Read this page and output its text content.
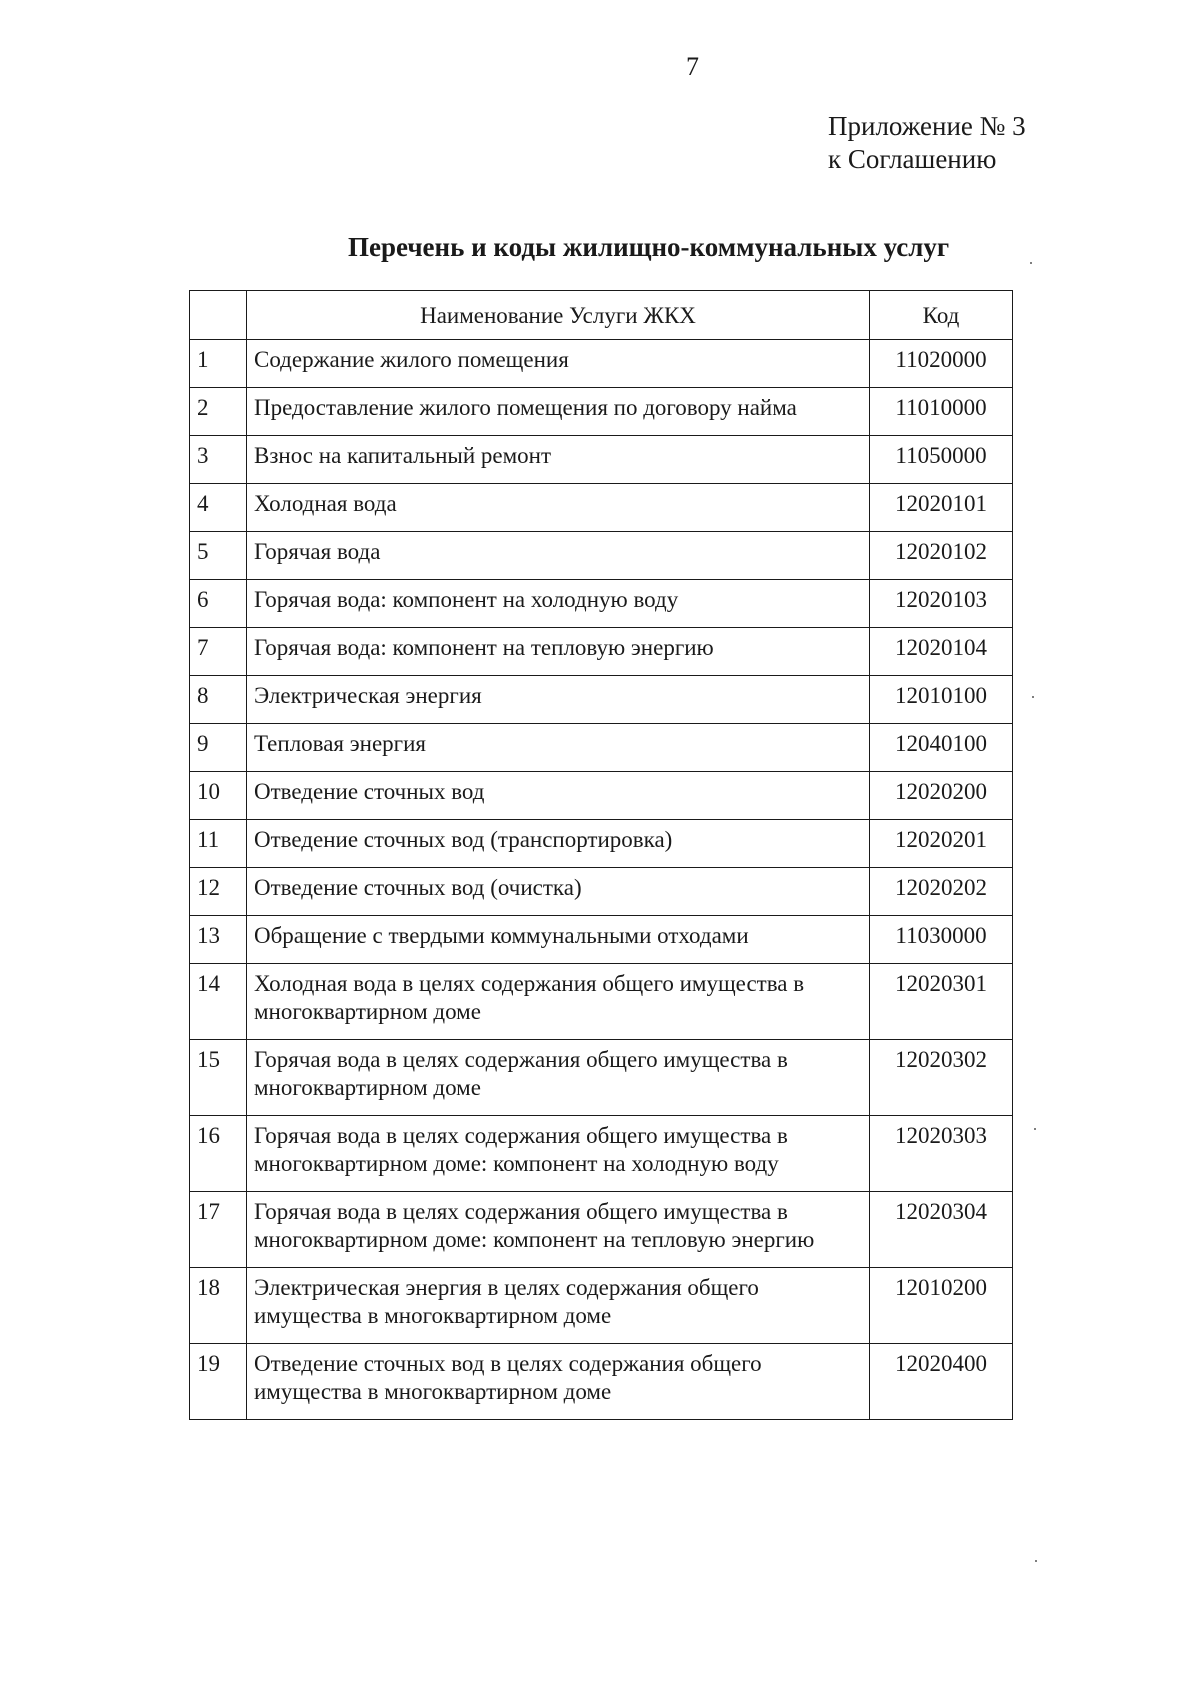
7
Приложение № 3
к Соглашению
Перечень и коды жилищно-коммунальных услуг
	Наименование Услуги ЖКХ	Код
1	Содержание жилого помещения	11020000
2	Предоставление жилого помещения по договору найма	11010000
3	Взнос на капитальный ремонт	11050000
4	Холодная вода	12020101
5	Горячая вода	12020102
6	Горячая вода: компонент на холодную воду	12020103
7	Горячая вода: компонент на тепловую энергию	12020104
8	Электрическая энергия	12010100
9	Тепловая энергия	12040100
10	Отведение сточных вод	12020200
11	Отведение сточных вод (транспортировка)	12020201
12	Отведение сточных вод (очистка)	12020202
13	Обращение с твердыми коммунальными отходами	11030000
14	Холодная вода в целях содержания общего имущества в многоквартирном доме	12020301
15	Горячая вода в целях содержания общего имущества в многоквартирном доме	12020302
16	Горячая вода в целях содержания общего имущества в многоквартирном доме: компонент на холодную воду	12020303
17	Горячая вода в целях содержания общего имущества в многоквартирном доме: компонент на тепловую энергию	12020304
18	Электрическая энергия в целях содержания общего имущества в многоквартирном доме	12010200
19	Отведение сточных вод в целях содержания общего имущества в многоквартирном доме	12020400
